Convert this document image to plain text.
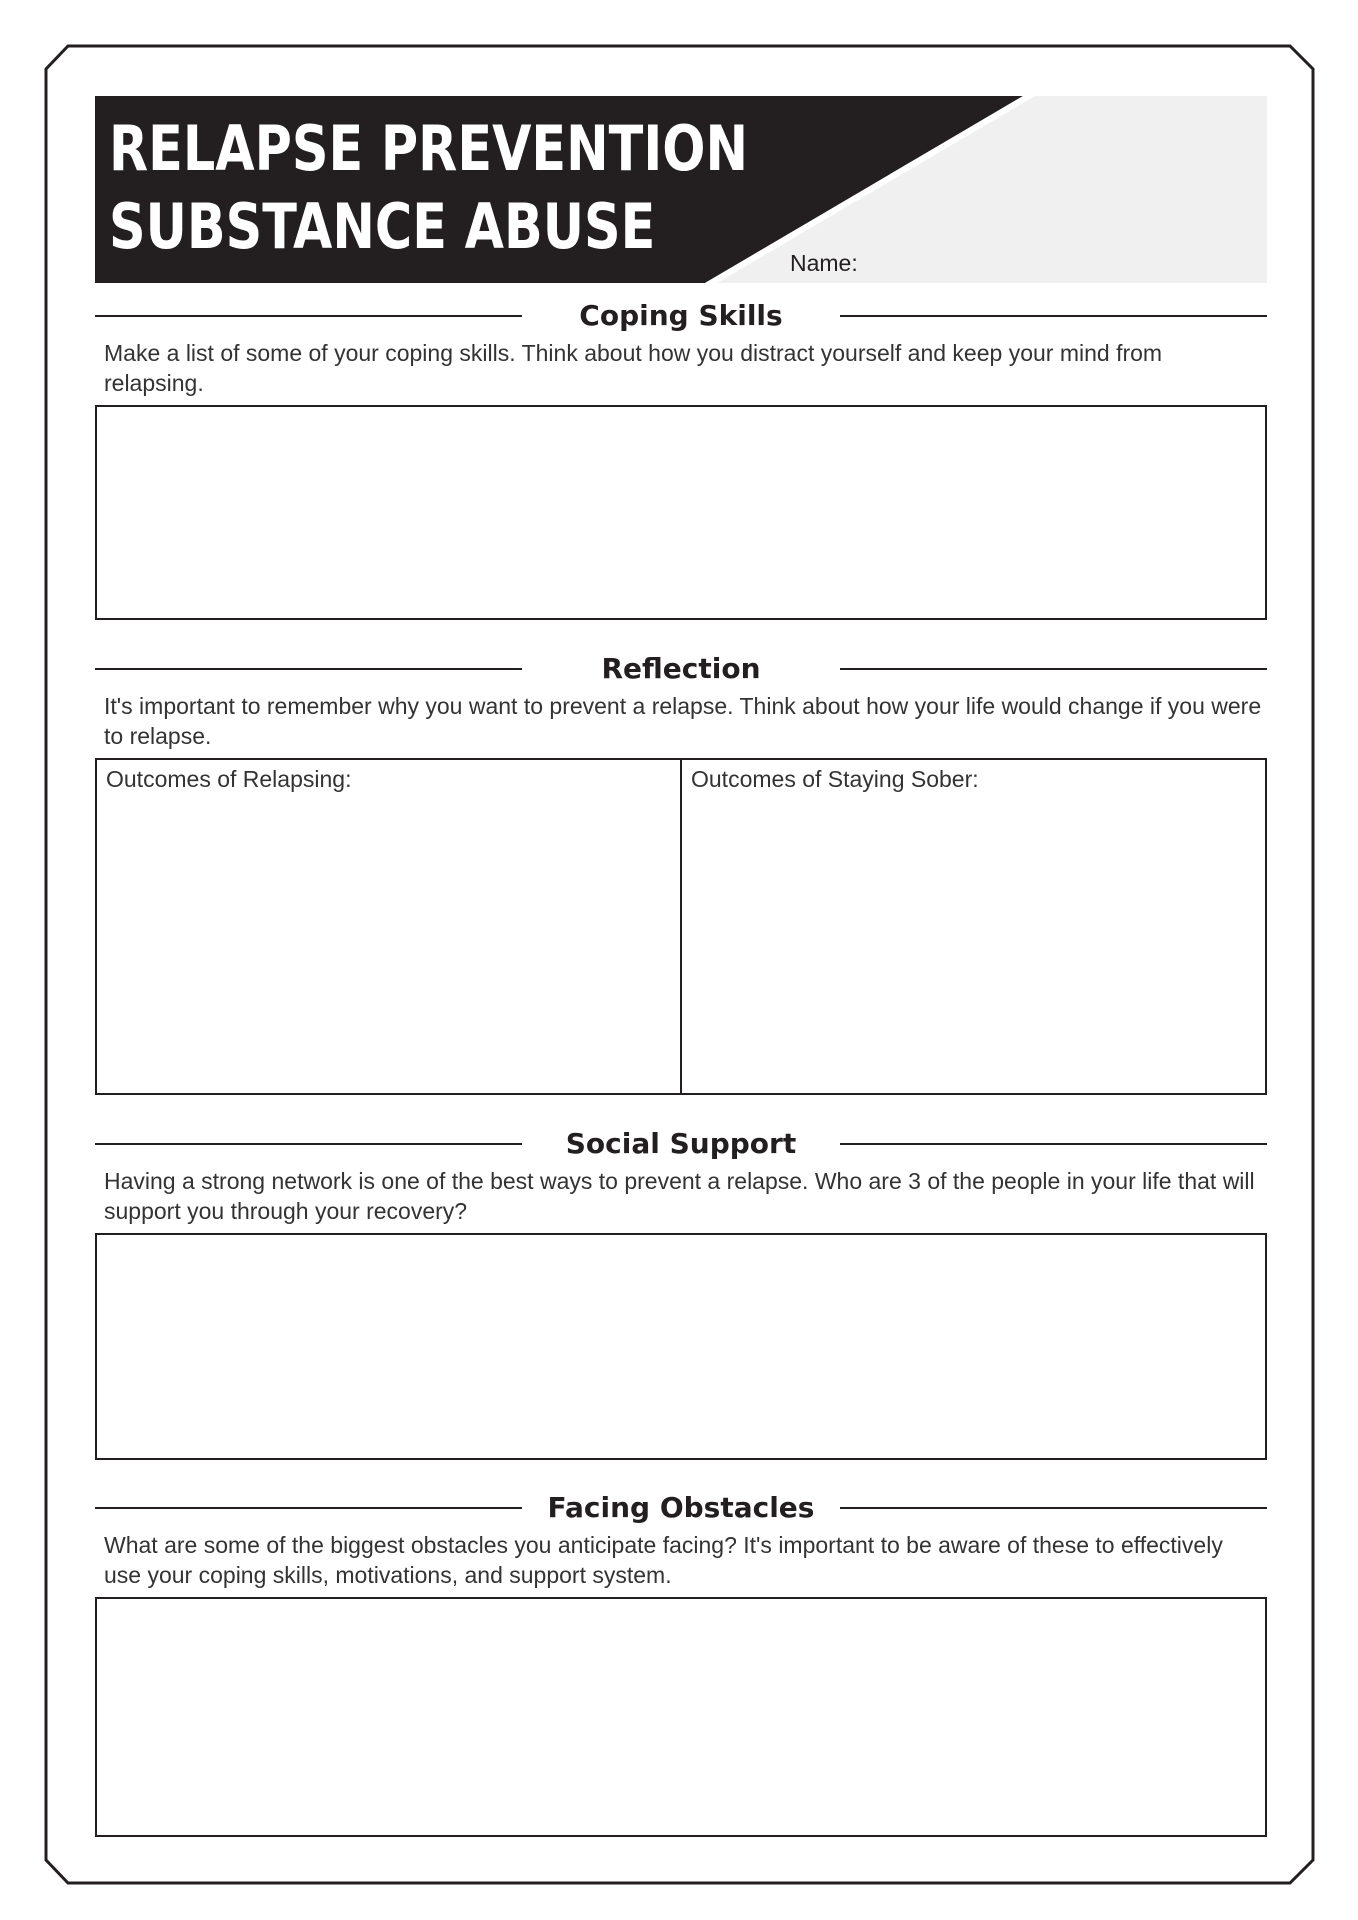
RELAPSE PREVENTION
SUBSTANCE ABUSE	Name:
Coping Skills
Make a list of some of your coping skills. Think about how you distract yourself and keep your mind from relapsing.
Reflection
It's important to remember why you want to prevent a relapse. Think about how your life would change if you were to relapse.
Outcomes of Relapsing:	Outcomes of Staying Sober:
Social Support
Having a strong network is one of the best ways to prevent a relapse. Who are 3 of the people in your life that will support you through your recovery?
Facing Obstacles
What are some of the biggest obstacles you anticipate facing? It's important to be aware of these to effectively use your coping skills, motivations, and support system.
